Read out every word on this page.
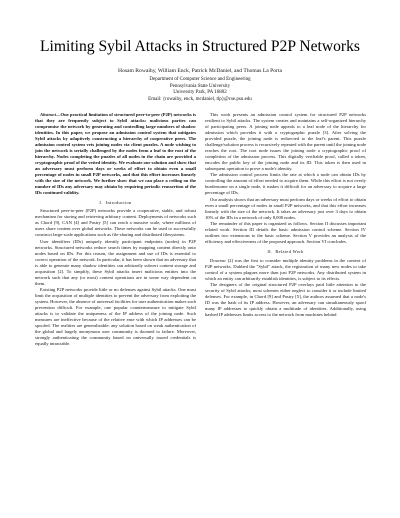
Limiting Sybil Attacks in Structured P2P Networks
Hosam Rowaihy, William Enck, Patrick McDaniel, and Thomas La Porta
Department of Computer Science and Engineering
Pennsylvania State University
University Park, PA 16802
Email: {rowaihy, enck, mcdaniel, tlp}@cse.psu.edu

Abstract—One practical limitation of structured peer-to-peer (P2P) networks is that they are frequently subject to Sybil attacks: malicious parties can compromise the network by generating and controlling large numbers of shadow identities. In this paper, we propose an admission control system that mitigates Sybil attacks by adaptively constructing a hierarchy of cooperative peers. The admission control system vets joining nodes via client puzzles. A node wishing to join the network is serially challenged by the nodes from a leaf to the root of the hierarchy. Nodes completing the puzzles of all nodes in the chain are provided a cryptographic proof of the vetted identity. We evaluate our solution and show that an adversary must perform days or weeks of effort to obtain even a small percentage of nodes in small P2P networks, and that this effort increases linearly with the size of the network. We further show that we can place a ceiling on the number of IDs any adversary may obtain by requiring periodic reassertion of the IDs continued validity.

I. Introduction

Structured peer-to-peer (P2P) networks provide a cooperative, stable, and robust mechanism for storing and retrieving arbitrary content. Deployments of networks such as Chord [9], CAN [4] and Pastry [5] can reach a massive scale, where millions of users share content over global networks. These networks can be used to successfully construct large-scale applications such as file-sharing and distributed filesystems.

User identifiers (IDs) uniquely identify participant endpoints (nodes) in P2P networks. Structured networks reduce search times by mapping content directly onto nodes based on IDs. For this reason, the assignment and use of IDs is essential to correct operation of the network. In particular, it has been shown that an adversary that is able to generate many shadow identities can arbitrarily subvert content storage and acquisition [2]. To simplify, these Sybil attacks insert malicious entities into the network such that any (or most) content operations are in some way dependent on them.

Existing P2P networks provide little or no defenses against Sybil attacks. One must limit the acquisition of multiple identities to prevent the adversary from exploiting the system. However, the absence of universal facilities for user authentication makes such prevention difficult. For example, one popular countermeasure to mitigate Sybil attacks is to validate the uniqueness of the IP address of the joining node. Such measures are ineffective because of the relative ease with which IP addresses can be spoofed. The realities are generalizable: any solution based on weak authentication of the global and largely anonymous user community is doomed to failure. Moreover, strongly authenticating the community based on universally issued credentials is equally intractable.

This work presents an admission control system for structured P2P networks resilient to Sybil attacks. The system creates and maintains a self-organized hierarchy of participating peers. A joining node appeals to a leaf node of the hierarchy for admission which provides it with a cryptographic puzzle [3]. After solving the provided puzzle, the joining node is redirected to the leaf's parent. This puzzle challenge/solution process is recursively repeated with the parent until the joining node reaches the root. The root node issues the joining node a cryptographic proof of completion of the admission process. This digitally verifiable proof, called a token, encodes the public key of the joining node and its ID. This token is then used in subsequent operation to prove a node's identity.

The admission control process limits the rate at which a node can obtain IDs by controlling the amount of effort needed to acquire them. While this effort is not overly burdensome on a single node, it makes it difficult for an adversary to acquire a large percentage of IDs.

Our analysis shows that an adversary must perform days or weeks of effort to obtain even a small percentage of nodes in small P2P networks, and that this effort increases linearly with the size of the network. It takes an adversary just over 3 days to obtain 10% of the IDs in a network of only 8,000 nodes.

The remainder of this paper is organized as follows. Section II discusses important related work. Section III details the basic admission control scheme. Section IV outlines two extensions to the basic scheme. Section V provides an analysis of the efficiency and effectiveness of the proposed approach. Section VI concludes.

II. Related Work

Douceur [2] was the first to consider multiple identity problems in the context of P2P networks. Dubbed the "Sybil" attack, the registration of many new nodes to take control of a system plagues more than just P2P networks. Any distributed system in which an entity can arbitrarily establish identities, is subject to its effects.

The designers of the original structured P2P overlays paid little attention to the security of Sybil attacks; most schemes either neglect to consider it or include limited defenses. For example, in Chord [9] and Pastry [5], the authors assumed that a node's ID was the hash of its IP address. However, an adversary can simultaneously spoof many IP addresses to quickly obtain a multitude of identities. Additionally, using hashed IP addresses limits access to the network from machines behind
